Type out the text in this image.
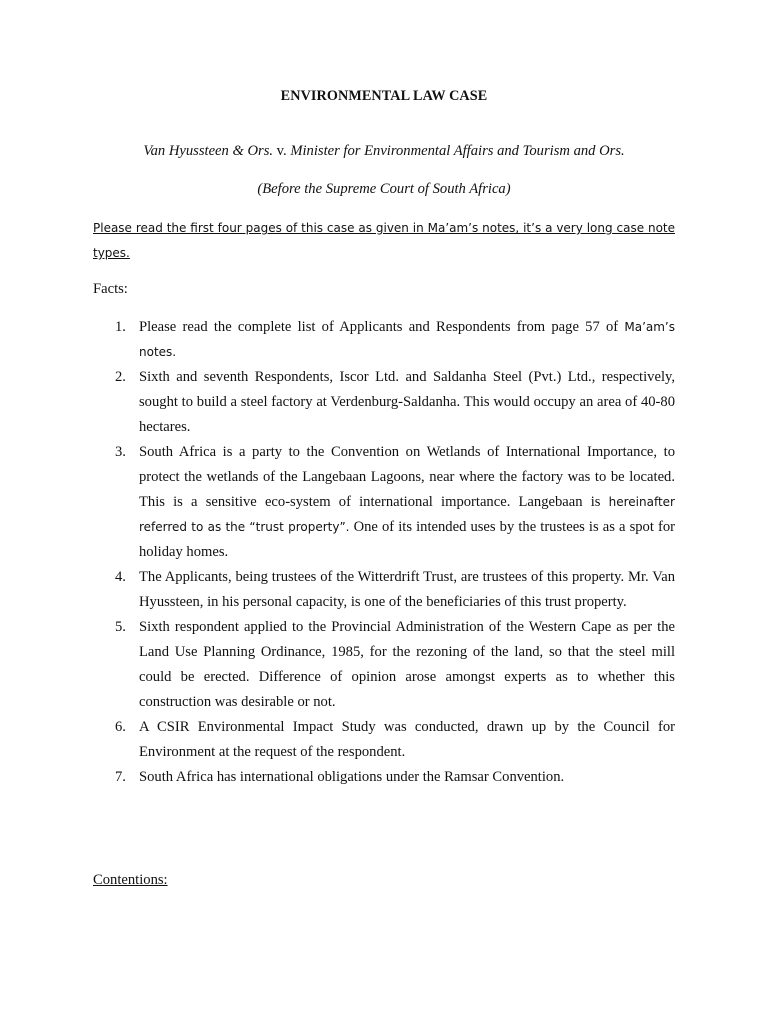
ENVIRONMENTAL LAW CASE
Van Hyussteen & Ors. v. Minister for Environmental Affairs and Tourism and Ors.
(Before the Supreme Court of South Africa)
Please read the first four pages of this case as given in Ma’am’s notes, it’s a very long case note types.
Facts:
1. Please read the complete list of Applicants and Respondents from page 57 of Ma’am’s notes.
2. Sixth and seventh Respondents, Iscor Ltd. and Saldanha Steel (Pvt.) Ltd., respectively, sought to build a steel factory at Verdenburg-Saldanha. This would occupy an area of 40-80 hectares.
3. South Africa is a party to the Convention on Wetlands of International Importance, to protect the wetlands of the Langebaan Lagoons, near where the factory was to be located. This is a sensitive eco-system of international importance. Langebaan is hereinafter referred to as the “trust property”. One of its intended uses by the trustees is as a spot for holiday homes.
4. The Applicants, being trustees of the Witterdrift Trust, are trustees of this property. Mr. Van Hyussteen, in his personal capacity, is one of the beneficiaries of this trust property.
5. Sixth respondent applied to the Provincial Administration of the Western Cape as per the Land Use Planning Ordinance, 1985, for the rezoning of the land, so that the steel mill could be erected. Difference of opinion arose amongst experts as to whether this construction was desirable or not.
6. A CSIR Environmental Impact Study was conducted, drawn up by the Council for Environment at the request of the respondent.
7. South Africa has international obligations under the Ramsar Convention.
Contentions:
